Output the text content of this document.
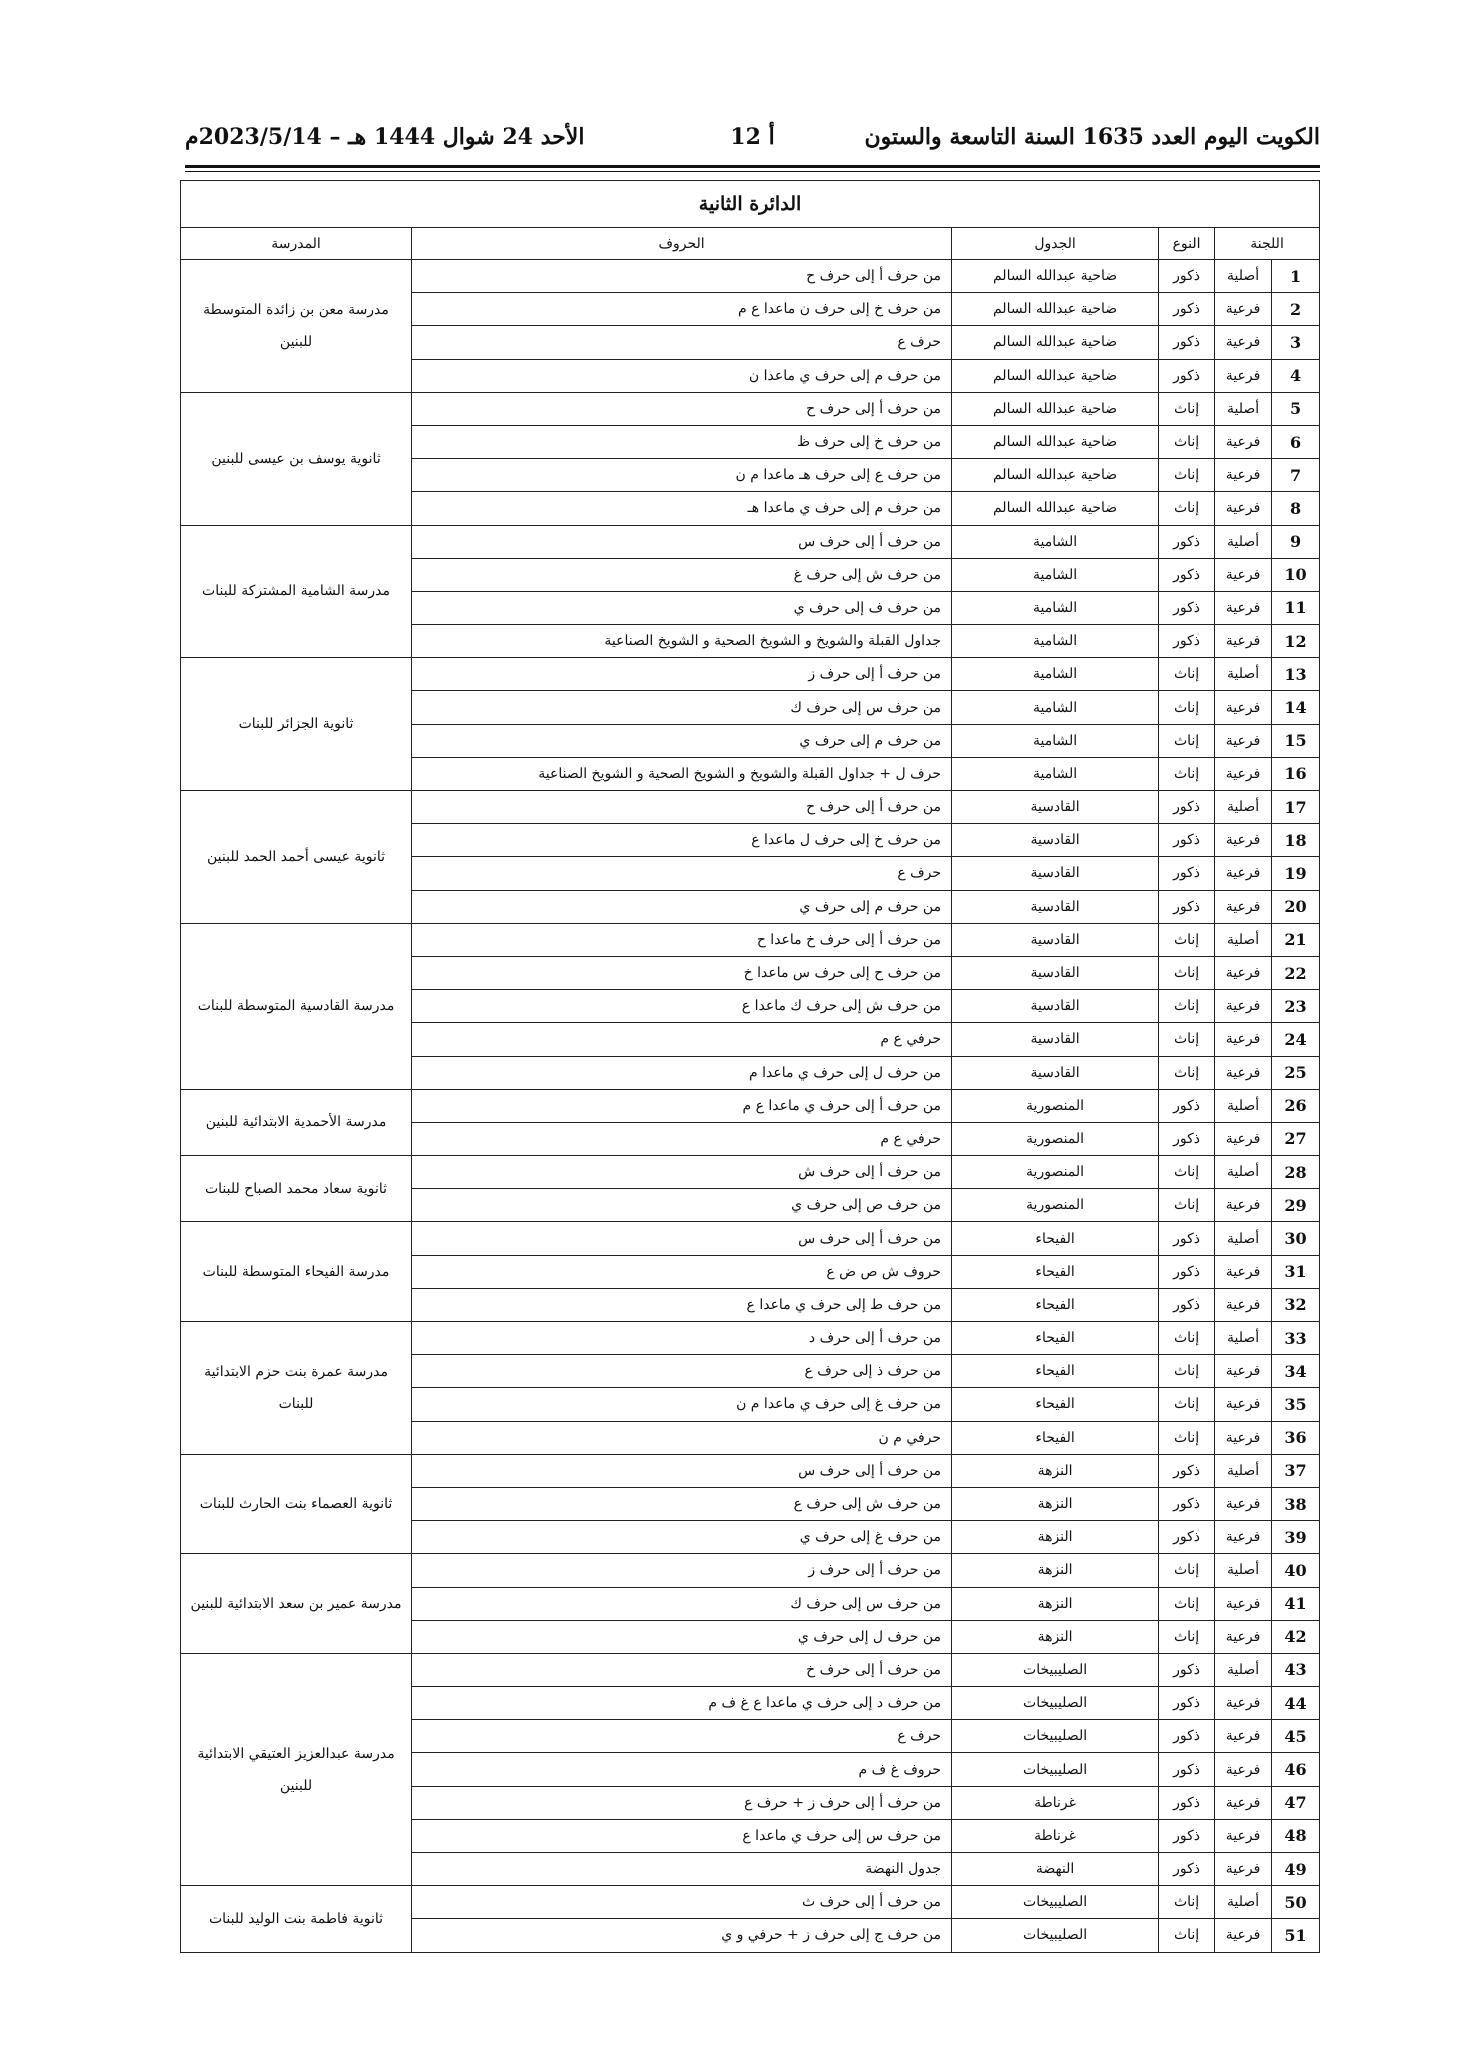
الكويت اليوم العدد 1635 السنة التاسعة والستون
أ 12
الأحد 24 شوال 1444 هـ – 2023/5/14م
الدائرة الثانية					
اللجنة		النوع	الجدول	الحروف	المدرسة
1	أصلية	ذكور	ضاحية عبدالله السالم	من حرف أ إلى حرف ح	مدرسة معن بن زائدة المتوسطة للبنين
2	فرعية	ذكور	ضاحية عبدالله السالم	من حرف خ إلى حرف ن ماعدا ع م	
3	فرعية	ذكور	ضاحية عبدالله السالم	حرف ع	
4	فرعية	ذكور	ضاحية عبدالله السالم	من حرف م إلى حرف ي ماعدا ن	
5	أصلية	إناث	ضاحية عبدالله السالم	من حرف أ إلى حرف ح	ثانوية يوسف بن عيسى للبنين
6	فرعية	إناث	ضاحية عبدالله السالم	من حرف خ إلى حرف ظ	
7	فرعية	إناث	ضاحية عبدالله السالم	من حرف ع إلى حرف هـ ماعدا م ن	
8	فرعية	إناث	ضاحية عبدالله السالم	من حرف م إلى حرف ي ماعدا هـ	
9	أصلية	ذكور	الشامية	من حرف أ إلى حرف س	مدرسة الشامية المشتركة للبنات
10	فرعية	ذكور	الشامية	من حرف ش إلى حرف غ	
11	فرعية	ذكور	الشامية	من حرف ف إلى حرف ي	
12	فرعية	ذكور	الشامية	جداول القبلة والشويخ و الشويخ الصحية و الشويخ الصناعية	
13	أصلية	إناث	الشامية	من حرف أ إلى حرف ز	ثانوية الجزائر للبنات
14	فرعية	إناث	الشامية	من حرف س إلى حرف ك	
15	فرعية	إناث	الشامية	من حرف م إلى حرف ي	
16	فرعية	إناث	الشامية	حرف ل + جداول القبلة والشويخ و الشويخ الصحية و الشويخ الصناعية	
17	أصلية	ذكور	القادسية	من حرف أ إلى حرف ح	ثانوية عيسى أحمد الحمد للبنين
18	فرعية	ذكور	القادسية	من حرف خ إلى حرف ل ماعدا ع	
19	فرعية	ذكور	القادسية	حرف ع	
20	فرعية	ذكور	القادسية	من حرف م إلى حرف ي	
21	أصلية	إناث	القادسية	من حرف أ إلى حرف خ ماعدا ح	مدرسة القادسية المتوسطة للبنات
22	فرعية	إناث	القادسية	من حرف ح إلى حرف س ماعدا خ	
23	فرعية	إناث	القادسية	من حرف ش إلى حرف ك ماعدا ع	
24	فرعية	إناث	القادسية	حرفي ع م	
25	فرعية	إناث	القادسية	من حرف ل إلى حرف ي ماعدا م	
26	أصلية	ذكور	المنصورية	من حرف أ إلى حرف ي ماعدا ع م	مدرسة الأحمدية الابتدائية للبنين
27	فرعية	ذكور	المنصورية	حرفي ع م	
28	أصلية	إناث	المنصورية	من حرف أ إلى حرف ش	ثانوية سعاد محمد الصباح للبنات
29	فرعية	إناث	المنصورية	من حرف ص إلى حرف ي	
30	أصلية	ذكور	الفيحاء	من حرف أ إلى حرف س	مدرسة الفيحاء المتوسطة للبنات
31	فرعية	ذكور	الفيحاء	حروف ش ص ض ع	
32	فرعية	ذكور	الفيحاء	من حرف ط إلى حرف ي ماعدا ع	
33	أصلية	إناث	الفيحاء	من حرف أ إلى حرف د	مدرسة عمرة بنت حزم الابتدائية للبنات
34	فرعية	إناث	الفيحاء	من حرف ذ إلى حرف ع	
35	فرعية	إناث	الفيحاء	من حرف غ إلى حرف ي ماعدا م ن	
36	فرعية	إناث	الفيحاء	حرفي م ن	
37	أصلية	ذكور	النزهة	من حرف أ إلى حرف س	ثانوية العصماء بنت الحارث للبنات
38	فرعية	ذكور	النزهة	من حرف ش إلى حرف ع	
39	فرعية	ذكور	النزهة	من حرف غ إلى حرف ي	
40	أصلية	إناث	النزهة	من حرف أ إلى حرف ز	مدرسة عمير بن سعد الابتدائية للبنين
41	فرعية	إناث	النزهة	من حرف س إلى حرف ك	
42	فرعية	إناث	النزهة	من حرف ل إلى حرف ي	
43	أصلية	ذكور	الصليبيخات	من حرف أ إلى حرف خ	مدرسة عبدالعزيز العتيقي الابتدائية للبنين
44	فرعية	ذكور	الصليبيخات	من حرف د إلى حرف ي ماعدا ع غ ف م	
45	فرعية	ذكور	الصليبيخات	حرف ع	
46	فرعية	ذكور	الصليبيخات	حروف غ ف م	
47	فرعية	ذكور	غرناطة	من حرف أ إلى حرف ز + حرف ع	
48	فرعية	ذكور	غرناطة	من حرف س إلى حرف ي ماعدا ع	
49	فرعية	ذكور	النهضة	جدول النهضة	
50	أصلية	إناث	الصليبيخات	من حرف أ إلى حرف ث	ثانوية فاطمة بنت الوليد للبنات
51	فرعية	إناث	الصليبيخات	من حرف ج إلى حرف ز + حرفي و ي	
